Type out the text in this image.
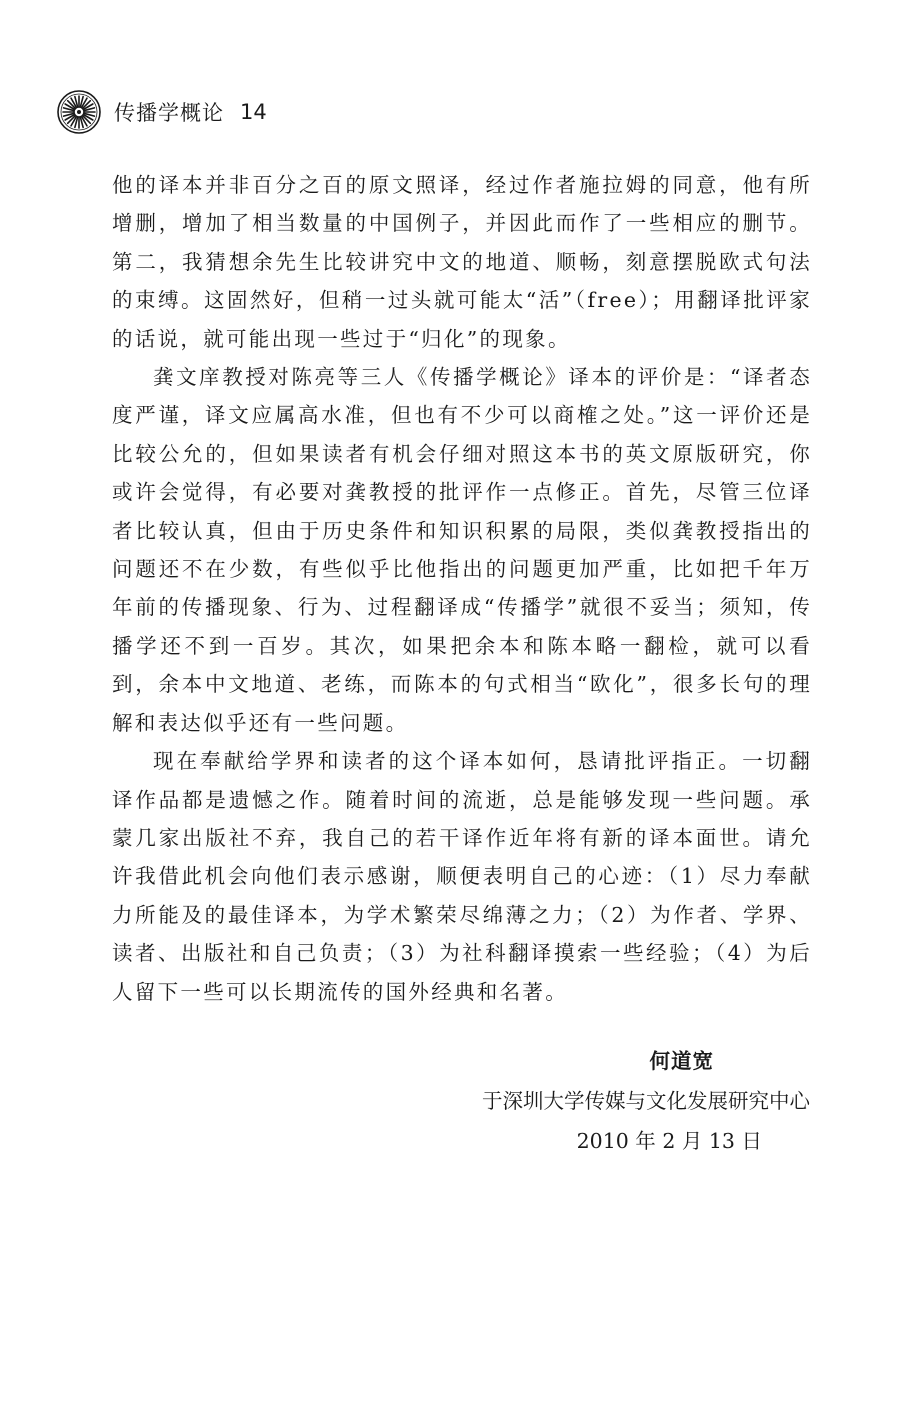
传播学概论 14

他的译本并非百分之百的原文照译，经过作者施拉姆的同意，他有所增删，增加了相当数量的中国例子，并因此而作了一些相应的删节。第二，我猜想余先生比较讲究中文的地道、顺畅，刻意摆脱欧式句法的束缚。这固然好，但稍一过头就可能太“活”（free）；用翻译批评家的话说，就可能出现一些过于“归化”的现象。

龚文庠教授对陈亮等三人《传播学概论》译本的评价是：“译者态度严谨，译文应属高水准，但也有不少可以商榷之处。”这一评价还是比较公允的，但如果读者有机会仔细对照这本书的英文原版研究，你或许会觉得，有必要对龚教授的批评作一点修正。首先，尽管三位译者比较认真，但由于历史条件和知识积累的局限，类似龚教授指出的问题还不在少数，有些似乎比他指出的问题更加严重，比如把千年万年前的传播现象、行为、过程翻译成“传播学”就很不妥当；须知，传播学还不到一百岁。其次，如果把余本和陈本略一翻检，就可以看到，余本中文地道、老练，而陈本的句式相当“欧化”，很多长句的理解和表达似乎还有一些问题。

现在奉献给学界和读者的这个译本如何，恳请批评指正。一切翻译作品都是遗憾之作。随着时间的流逝，总是能够发现一些问题。承蒙几家出版社不弃，我自己的若干译作近年将有新的译本面世。请允许我借此机会向他们表示感谢，顺便表明自己的心迹：（1）尽力奉献力所能及的最佳译本，为学术繁荣尽绵薄之力；（2）为作者、学界、读者、出版社和自己负责；（3）为社科翻译摸索一些经验；（4）为后人留下一些可以长期流传的国外经典和名著。

何道宽
于深圳大学传媒与文化发展研究中心
2010 年 2 月 13 日
